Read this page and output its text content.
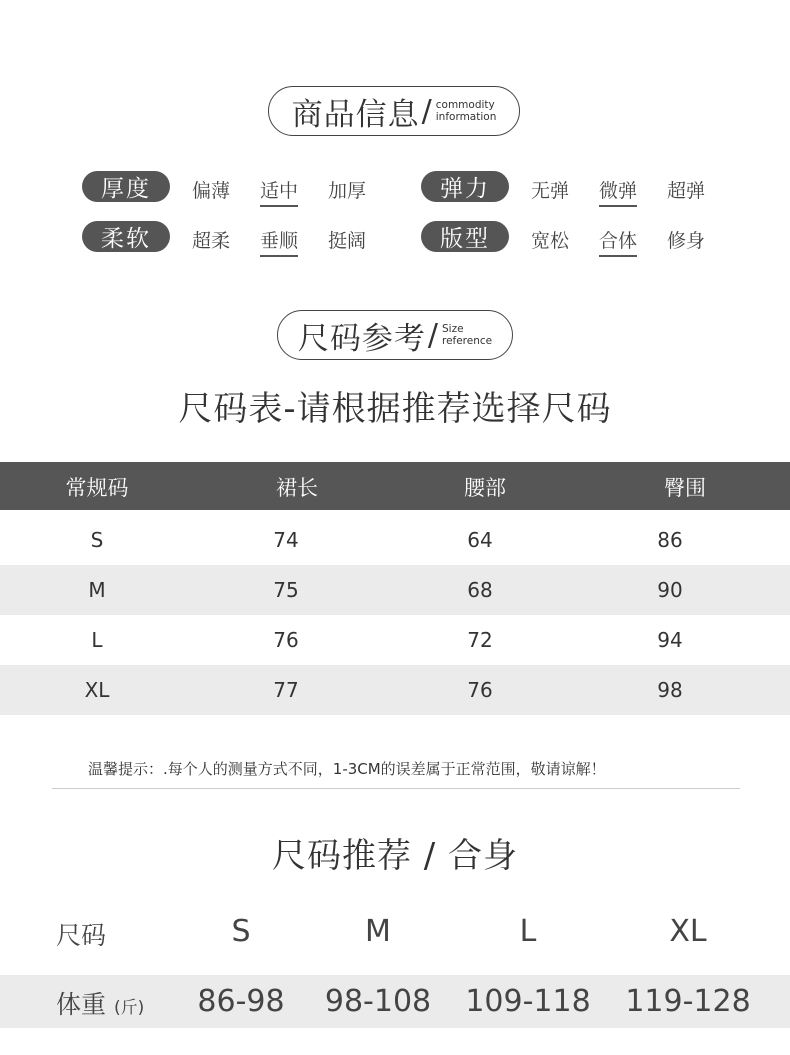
商品信息 / commodity
information
厚度	偏薄 适中 加厚	弹力	无弹 微弹 超弹
柔软	超柔 垂顺 挺阔	版型	宽松 合体 修身
尺码参考 / Size
reference
尺码表-请根据推荐选择尺码
常规码	裙长	腰部	臀围
S	74	64	86
M	75	68	90
L	76	72	94
XL	77	76	98
温馨提示：.每个人的测量方式不同，1-3CM的误差属于正常范围，敬请谅解！
尺码推荐 / 合身
尺码	S	M	L	XL
体重 (斤)	86-98	98-108	109-118 119-128
